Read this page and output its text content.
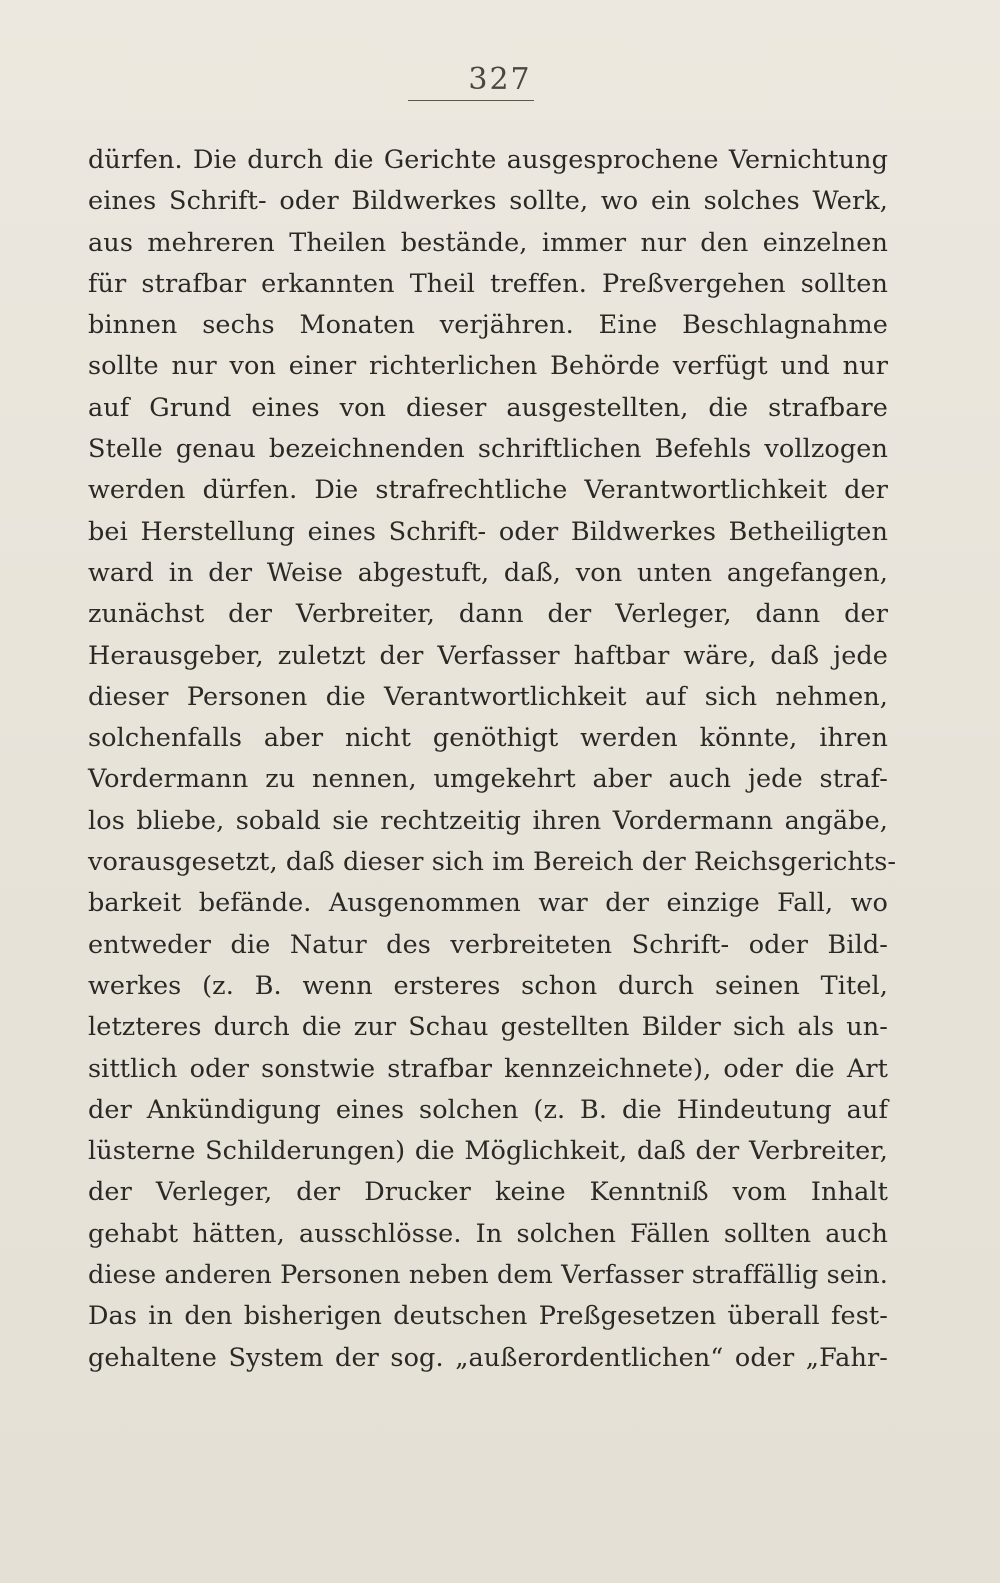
327
dürfen. Die durch die Gerichte ausgesprochene Vernichtung
eines Schrift- oder Bildwerkes sollte, wo ein solches Werk,
aus mehreren Theilen bestände, immer nur den einzelnen
für strafbar erkannten Theil treffen. Preßvergehen sollten
binnen sechs Monaten verjähren. Eine Beschlagnahme
sollte nur von einer richterlichen Behörde verfügt und nur
auf Grund eines von dieser ausgestellten, die strafbare
Stelle genau bezeichnenden schriftlichen Befehls vollzogen
werden dürfen. Die strafrechtliche Verantwortlichkeit der
bei Herstellung eines Schrift- oder Bildwerkes Betheiligten
ward in der Weise abgestuft, daß, von unten angefangen,
zunächst der Verbreiter, dann der Verleger, dann der
Herausgeber, zuletzt der Verfasser haftbar wäre, daß jede
dieser Personen die Verantwortlichkeit auf sich nehmen,
solchenfalls aber nicht genöthigt werden könnte, ihren
Vordermann zu nennen, umgekehrt aber auch jede straf-
los bliebe, sobald sie rechtzeitig ihren Vordermann angäbe,
vorausgesetzt, daß dieser sich im Bereich der Reichsgerichts-
barkeit befände. Ausgenommen war der einzige Fall, wo
entweder die Natur des verbreiteten Schrift- oder Bild-
werkes (z. B. wenn ersteres schon durch seinen Titel,
letzteres durch die zur Schau gestellten Bilder sich als un-
sittlich oder sonstwie strafbar kennzeichnete), oder die Art
der Ankündigung eines solchen (z. B. die Hindeutung auf
lüsterne Schilderungen) die Möglichkeit, daß der Verbreiter,
der Verleger, der Drucker keine Kenntniß vom Inhalt
gehabt hätten, ausschlösse. In solchen Fällen sollten auch
diese anderen Personen neben dem Verfasser straffällig sein.
Das in den bisherigen deutschen Preßgesetzen überall fest-
gehaltene System der sog. „außerordentlichen“ oder „Fahr-
